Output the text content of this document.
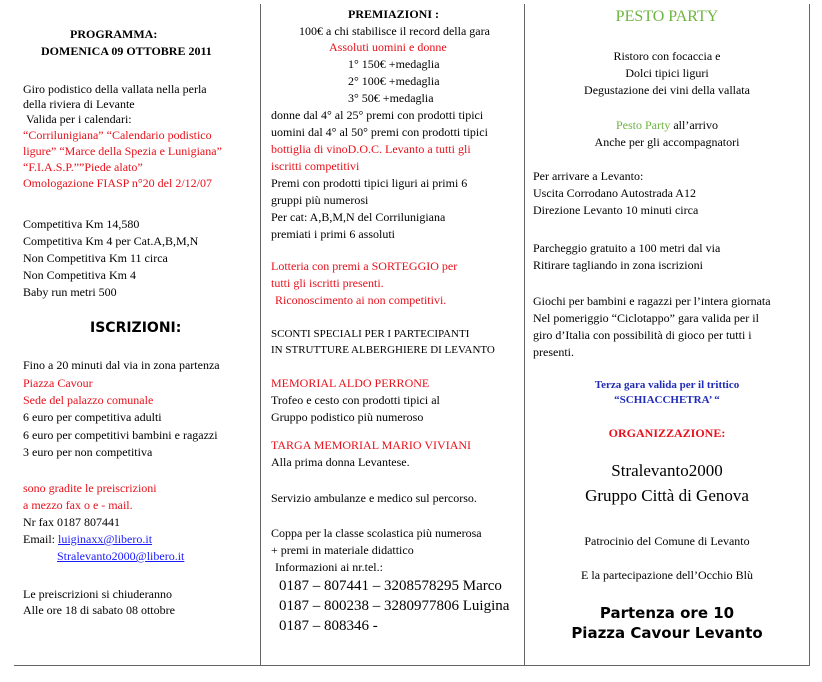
PROGRAMMA:
DOMENICA 09 OTTOBRE 2011
Giro podistico della vallata nella perla
della riviera di Levante
Valida per i calendari:
“Corrilunigiana” “Calendario podistico
ligure” “Marce della Spezia e Lunigiana”
“F.I.A.S.P.””Piede alato”
Omologazione FIASP n°20 del 2/12/07
Competitiva Km 14,580
Competitiva Km 4 per Cat.A,B,M,N
Non Competitiva Km 11 circa
Non Competitiva Km 4
Baby run metri 500
ISCRIZIONI:
Fino a 20 minuti dal via in zona partenza
Piazza Cavour
Sede del palazzo comunale
6 euro per competitiva adulti
6 euro per competitivi bambini e ragazzi
3 euro per non competitiva
sono gradite le preiscrizioni
a mezzo fax o e - mail.
Nr fax 0187 807441
Email: luiginaxx@libero.it
Stralevanto2000@libero.it
Le preiscrizioni si chiuderanno
Alle ore 18 di sabato 08 ottobre
PREMIAZIONI :
100€ a chi stabilisce il record della gara
Assoluti uomini e donne
1° 150€ +medaglia
2° 100€ +medaglia
3° 50€ +medaglia
donne dal 4° al 25° premi con prodotti tipici
uomini dal 4° al 50° premi con prodotti tipici
bottiglia di vinoD.O.C. Levanto a tutti gli
iscritti competitivi
Premi con prodotti tipici liguri ai primi 6
gruppi più numerosi
Per cat: A,B,M,N del Corrilunigiana
premiati i primi 6 assoluti
Lotteria con premi a SORTEGGIO per
tutti gli iscritti presenti.
Riconoscimento ai non competitivi.
SCONTI SPECIALI PER I PARTECIPANTI
IN STRUTTURE ALBERGHIERE DI LEVANTO
MEMORIAL ALDO PERRONE
Trofeo e cesto con prodotti tipici al
Gruppo podistico più numeroso
TARGA MEMORIAL MARIO VIVIANI
Alla prima donna Levantese.
Servizio ambulanze e medico sul percorso.
Coppa per la classe scolastica più numerosa
+ premi in materiale didattico
Informazioni ai nr.tel.:
0187 – 807441 – 3208578295 Marco
0187 – 800238 – 3280977806 Luigina
0187 – 808346 -
PESTO PARTY
Ristoro con focaccia e
Dolci tipici liguri
Degustazione dei vini della vallata
Pesto Party all’arrivo
Anche per gli accompagnatori
Per arrivare a Levanto:
Uscita Corrodano Autostrada A12
Direzione Levanto 10 minuti circa
Parcheggio gratuito a 100 metri dal via
Ritirare tagliando in zona iscrizioni
Giochi per bambini e ragazzi per l’intera giornata
Nel pomeriggio “Ciclotappo” gara valida per il
giro d’Italia con possibilità di gioco per tutti i
presenti.
Terza gara valida per il trittico
“SCHIACCHETRA’ “
ORGANIZZAZIONE:
Stralevanto2000
Gruppo Città di Genova
Patrocinio del Comune di Levanto
E la partecipazione dell’Occhio Blù
Partenza ore 10
Piazza Cavour Levanto
